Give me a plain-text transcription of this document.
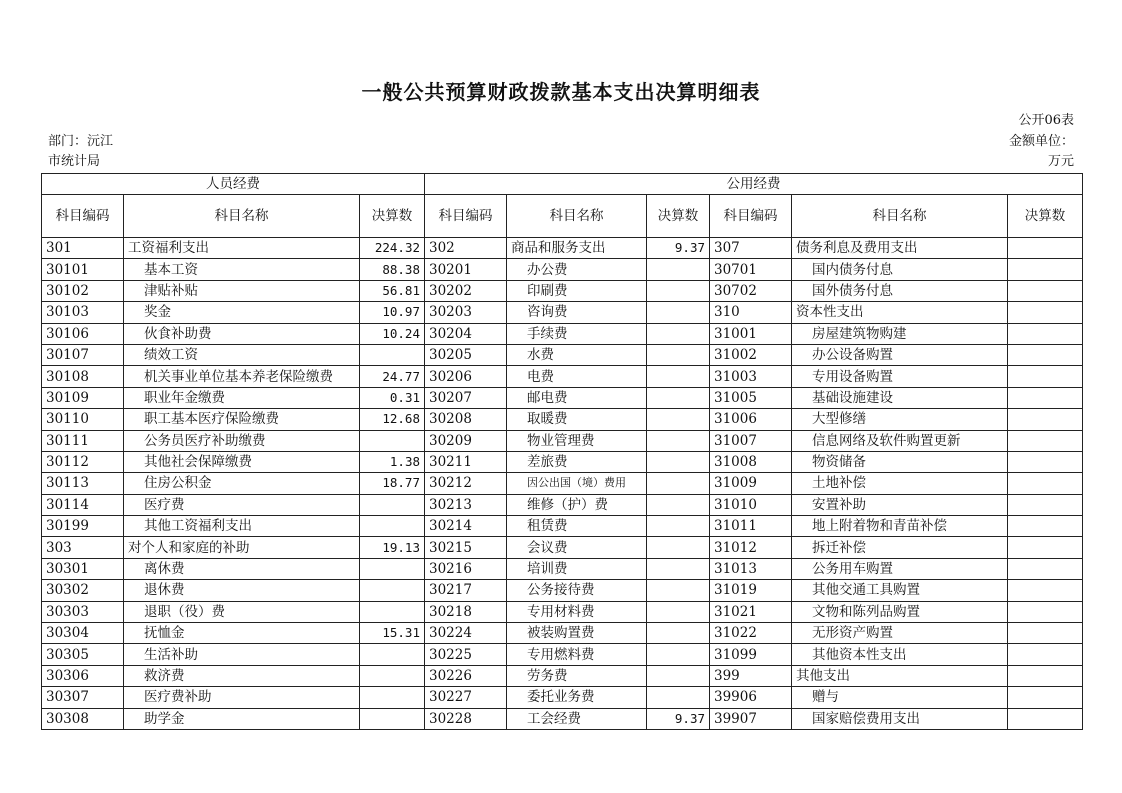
一般公共预算财政拨款基本支出决算明细表
公开06表
部门：沅江	金额单位：
市统计局	万元
人员经费			公用经费					
科目编码	科目名称	决算数	科目编码	科目名称	决算数	科目编码	科目名称	决算数
301	工资福利支出	224.32	302	商品和服务支出	9.37	307	债务利息及费用支出	
30101	基本工资	88.38	30201	办公费		30701	国内债务付息	
30102	津贴补贴	56.81	30202	印刷费		30702	国外债务付息	
30103	奖金	10.97	30203	咨询费		310	资本性支出	
30106	伙食补助费	10.24	30204	手续费		31001	房屋建筑物购建	
30107	绩效工资		30205	水费		31002	办公设备购置	
30108	机关事业单位基本养老保险缴费	24.77	30206	电费		31003	专用设备购置	
30109	职业年金缴费	0.31	30207	邮电费		31005	基础设施建设	
30110	职工基本医疗保险缴费	12.68	30208	取暖费		31006	大型修缮	
30111	公务员医疗补助缴费		30209	物业管理费		31007	信息网络及软件购置更新	
30112	其他社会保障缴费	1.38	30211	差旅费		31008	物资储备	
30113	住房公积金	18.77	30212	因公出国（境）费用		31009	土地补偿	
30114	医疗费		30213	维修（护）费		31010	安置补助	
30199	其他工资福利支出		30214	租赁费		31011	地上附着物和青苗补偿	
303	对个人和家庭的补助	19.13	30215	会议费		31012	拆迁补偿	
30301	离休费		30216	培训费		31013	公务用车购置	
30302	退休费		30217	公务接待费		31019	其他交通工具购置	
30303	退职（役）费		30218	专用材料费		31021	文物和陈列品购置	
30304	抚恤金	15.31	30224	被装购置费		31022	无形资产购置	
30305	生活补助		30225	专用燃料费		31099	其他资本性支出	
30306	救济费		30226	劳务费		399	其他支出	
30307	医疗费补助		30227	委托业务费		39906	赠与	
30308	助学金		30228	工会经费	9.37	39907	国家赔偿费用支出	
